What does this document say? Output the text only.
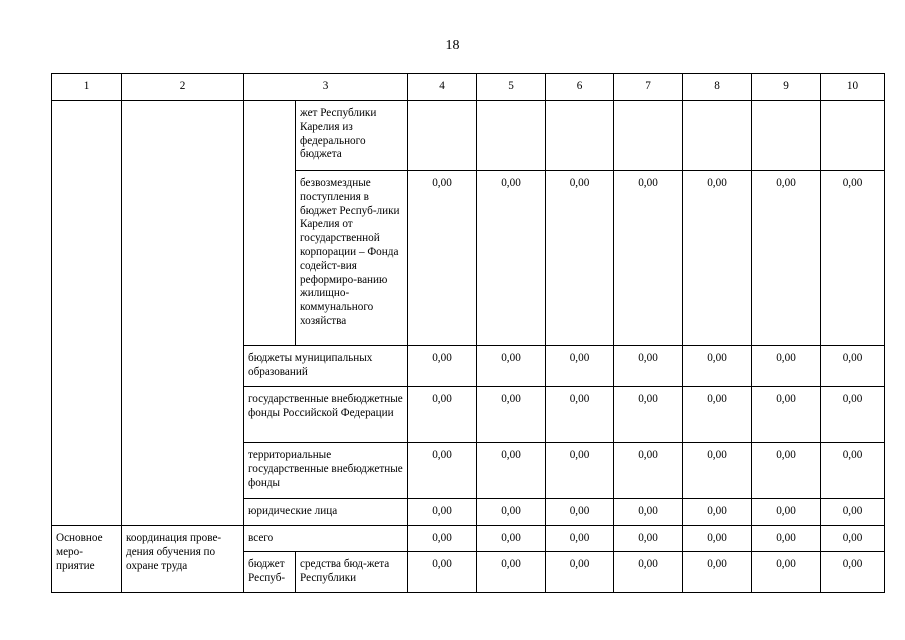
18
1	2	3		4	5	6	7	8	9	10
			жет Республики Карелия из федерального бюджета							
			безвозмездные поступления в бюджет Респуб-лики Карелия от государственной корпорации – Фонда содейст-вия реформиро-ванию жилищно-коммунального хозяйства	0,00	0,00	0,00	0,00	0,00	0,00	0,00
		бюджеты муниципальных образований		0,00	0,00	0,00	0,00	0,00	0,00	0,00
		государственные внебюджетные фонды Российской Федерации		0,00	0,00	0,00	0,00	0,00	0,00	0,00
		территориальные государственные внебюджетные фонды		0,00	0,00	0,00	0,00	0,00	0,00	0,00
		юридические лица		0,00	0,00	0,00	0,00	0,00	0,00	0,00
Основное меро-приятие	координация прове-дения обучения по охране труда	всего		0,00	0,00	0,00	0,00	0,00	0,00	0,00
		бюджет Респуб-	средства бюд-жета Республики	0,00	0,00	0,00	0,00	0,00	0,00	0,00
